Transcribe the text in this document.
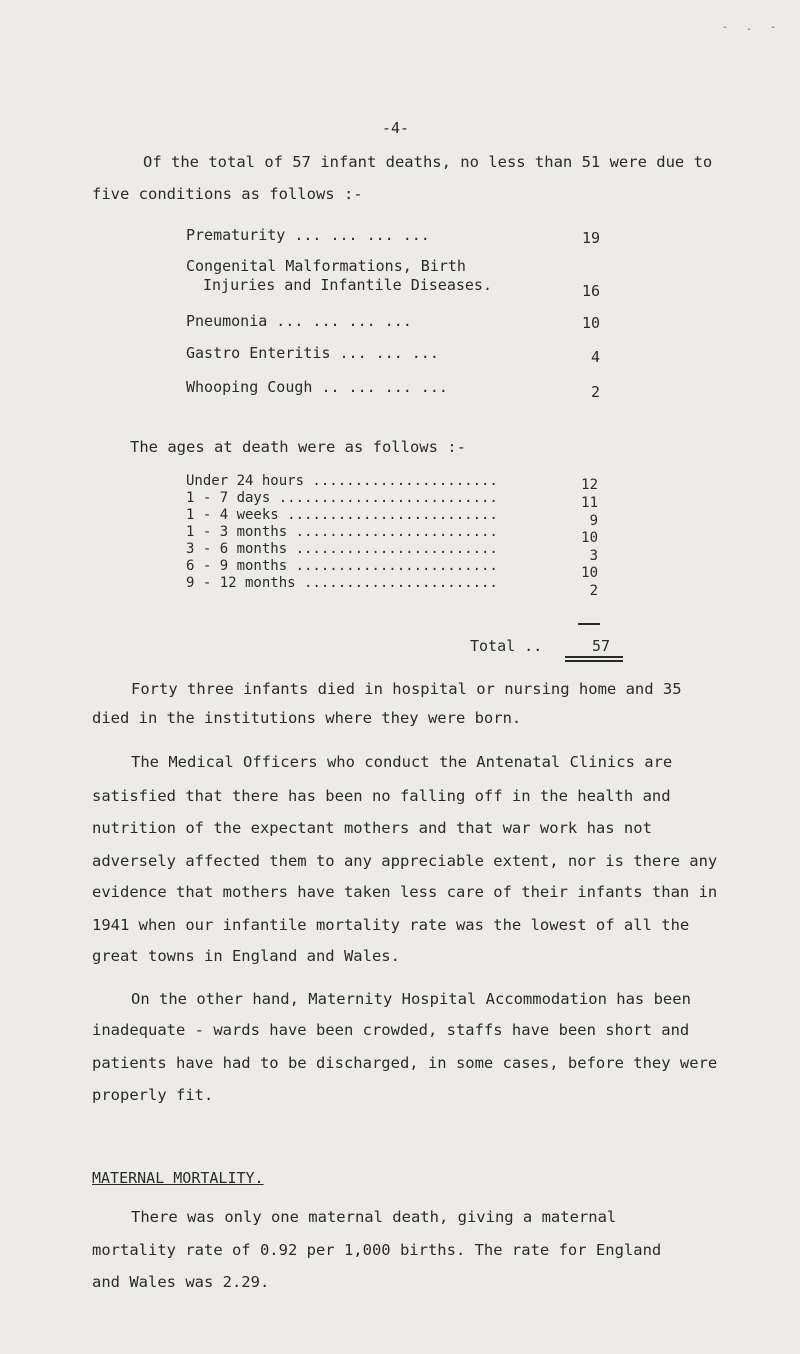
- . -
-4-
Of the total of 57 infant deaths, no less than 51 were due to
five conditions as follows :-
Prematurity ... ... ... ...	19
Congenital Malformations, Birth
Injuries and Infantile Diseases.	16
Pneumonia ... ... ... ...	10
Gastro Enteritis ... ... ...	4
Whooping Cough .. ... ... ...	2
The ages at death were as follows :-
Under 24 hours ......................	12
1 - 7 days ..........................	11
1 - 4 weeks .........................	9
1 - 3 months ........................	10
3 - 6 months ........................	3
6 - 9 months ........................	10
9 - 12 months .......................	2
Total ..	57
Forty three infants died in hospital or nursing home and 35
died in the institutions where they were born.
The Medical Officers who conduct the Antenatal Clinics are
satisfied that there has been no falling off in the health and
nutrition of the expectant mothers and that war work has not
adversely affected them to any appreciable extent, nor is there any
evidence that mothers have taken less care of their infants than in
1941 when our infantile mortality rate was the lowest of all the
great towns in England and Wales.
On the other hand, Maternity Hospital Accommodation has been
inadequate - wards have been crowded, staffs have been short and
patients have had to be discharged, in some cases, before they were
properly fit.
MATERNAL MORTALITY.
There was only one maternal death, giving a maternal
mortality rate of 0.92 per 1,000 births. The rate for England
and Wales was 2.29.
